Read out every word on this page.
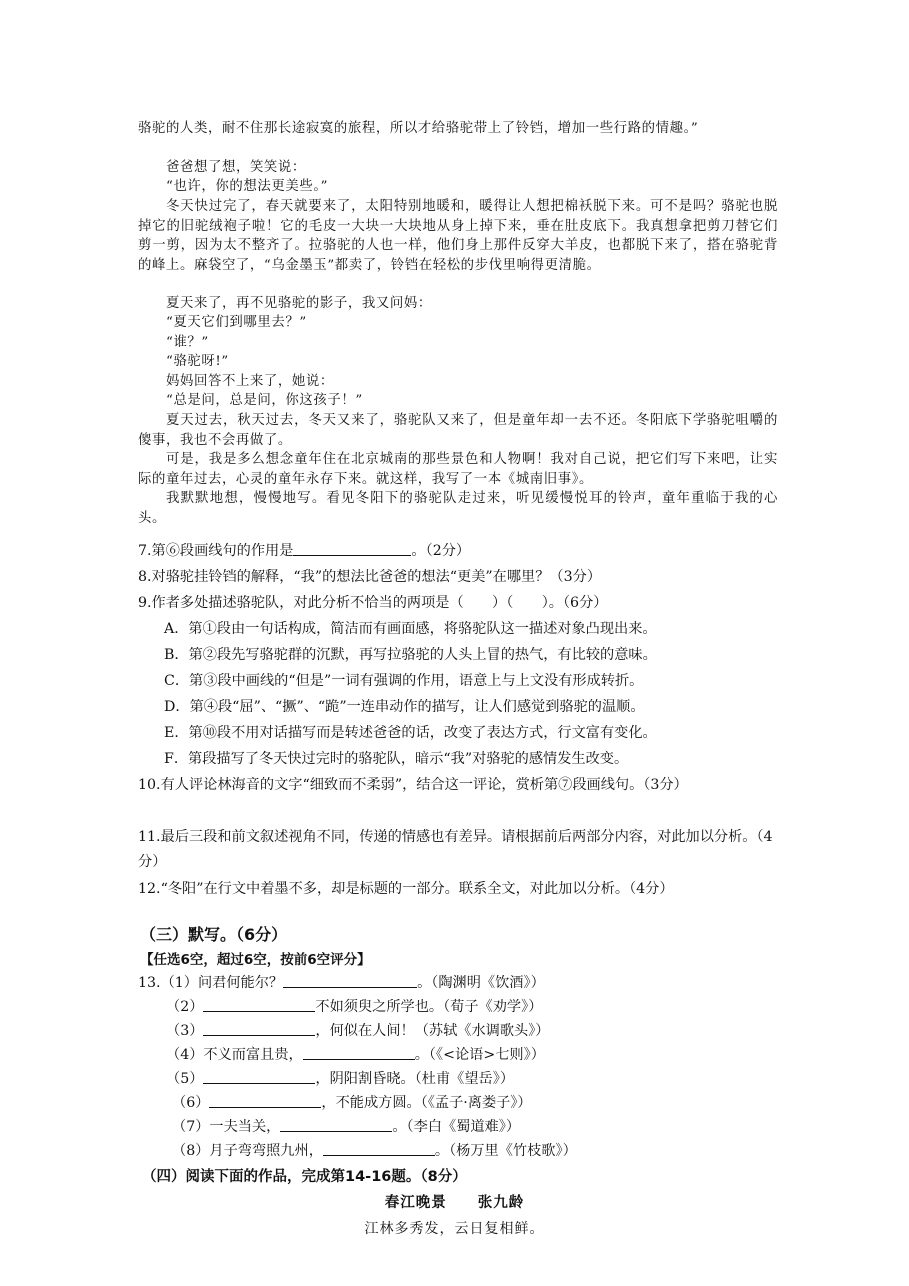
骆驼的人类，耐不住那长途寂寞的旅程，所以才给骆驼带上了铃铛，增加一些行路的情趣。”

爸爸想了想，笑笑说：

“也许，你的想法更美些。”

冬天快过完了，春天就要来了，太阳特别地暖和，暖得让人想把棉袄脱下来。可不是吗？骆驼也脱掉它的旧驼绒袍子啦！它的毛皮一大块一大块地从身上掉下来，垂在肚皮底下。我真想拿把剪刀替它们剪一剪，因为太不整齐了。拉骆驼的人也一样，他们身上那件反穿大羊皮，也都脱下来了，搭在骆驼背的峰上。麻袋空了，“乌金墨玉”都卖了，铃铛在轻松的步伐里响得更清脆。

夏天来了，再不见骆驼的影子，我又问妈：

“夏天它们到哪里去？”

“谁？”

“骆驼呀!”

妈妈回答不上来了，她说：

“总是问，总是问，你这孩子！”

夏天过去，秋天过去，冬天又来了，骆驼队又来了，但是童年却一去不还。冬阳底下学骆驼咀嚼的傻事，我也不会再做了。

可是，我是多么想念童年住在北京城南的那些景色和人物啊！我对自己说，把它们写下来吧，让实际的童年过去，心灵的童年永存下来。就这样，我写了一本《城南旧事》。

我默默地想，慢慢地写。看见冬阳下的骆驼队走过来，听见缓慢悦耳的铃声，童年重临于我的心头。

7.第⑥段画线句的作用是	。（2分）

8.对骆驼挂铃铛的解释，“我”的想法比爸爸的想法“更美”在哪里？（3分）

9.作者多处描述骆驼队，对此分析不恰当的两项是（　　）（　　）。（6分）

A．第①段由一句话构成，简洁而有画面感，将骆驼队这一描述对象凸现出来。

B．第②段先写骆驼群的沉默，再写拉骆驼的人头上冒的热气，有比较的意味。

C．第③段中画线的“但是”一词有强调的作用，语意上与上文没有形成转折。

D．第④段“屈”、“撅”、“跪”一连串动作的描写，让人们感觉到骆驼的温顺。

E．第⑩段不用对话描写而是转述爸爸的话，改变了表达方式，行文富有变化。

F．第段描写了冬天快过完时的骆驼队，暗示“我”对骆驼的感情发生改变。

10.有人评论林海音的文字“细致而不柔弱”，结合这一评论，赏析第⑦段画线句。（3分）

11.最后三段和前文叙述视角不同，传递的情感也有差异。请根据前后两部分内容，对此加以分析。（4分）

12.“冬阳”在行文中着墨不多，却是标题的一部分。联系全文，对此加以分析。（4分）

（三）默写。（6分）

【任选6空，超过6空，按前6空评分】

13.（1）问君何能尔？	。（陶渊明《饮酒》）

（2）	不如须臾之所学也。（荀子《劝学》）

（3）	，何似在人间！（苏轼《水调歌头》）

（4）不义而富且贵，	。（《<论语>七则》）

（5）	，阴阳割昏晓。（杜甫《望岳》）

（6）	，不能成方圆。（《孟子·离娄子》）

（7）一夫当关，	。（李白《蜀道难》）

（8）月子弯弯照九州，	。（杨万里《竹枝歌》）

（四）阅读下面的作品，完成第14-16题。（8分）

春江晚景　　张九龄

江林多秀发，云日复相鲜。
